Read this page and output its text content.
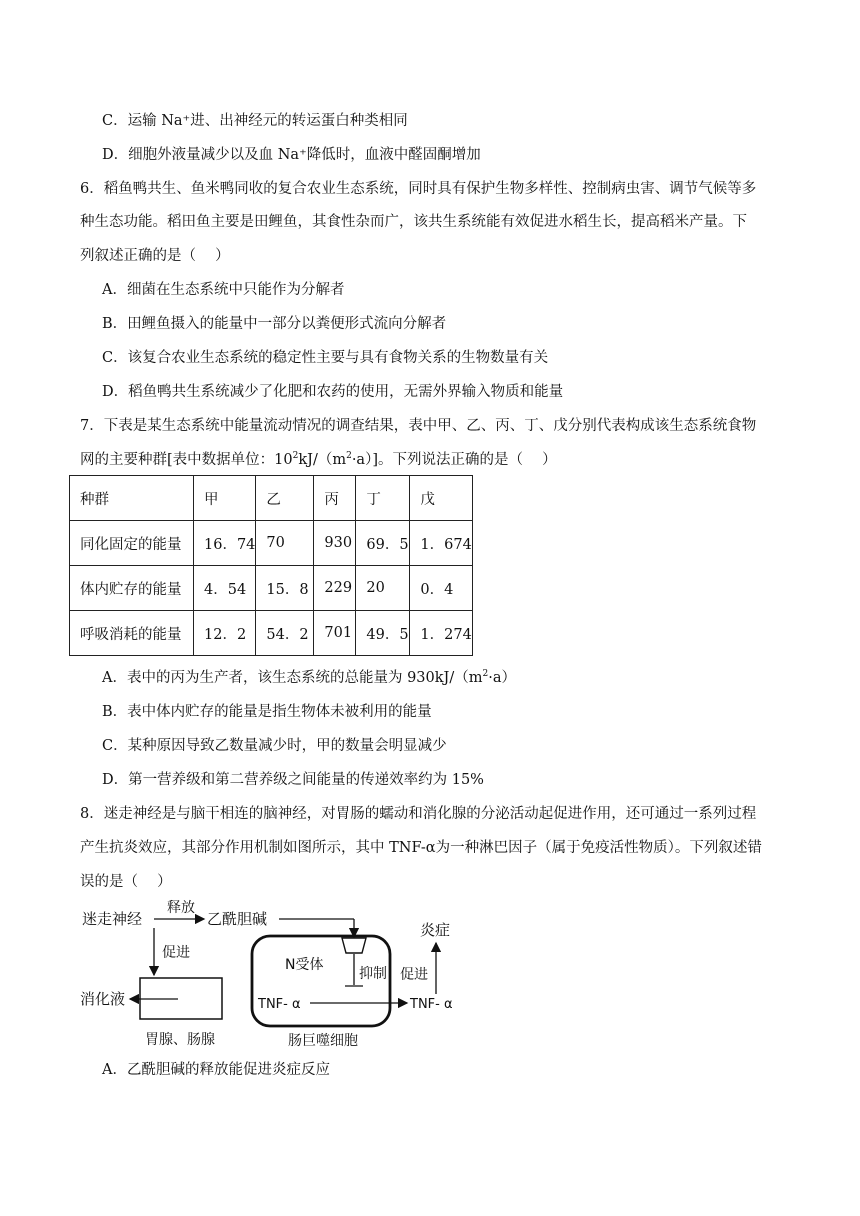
C．运输 Na⁺进、出神经元的转运蛋白种类相同
D．细胞外液量减少以及血 Na⁺降低时，血液中醛固酮增加
6．稻鱼鸭共生、鱼米鸭同收的复合农业生态系统，同时具有保护生物多样性、控制病虫害、调节气候等多
种生态功能。稻田鱼主要是田鲤鱼，其食性杂而广，该共生系统能有效促进水稻生长，提高稻米产量。下
列叙述正确的是（　 ）
A．细菌在生态系统中只能作为分解者
B．田鲤鱼摄入的能量中一部分以粪便形式流向分解者
C．该复合农业生态系统的稳定性主要与具有食物关系的生物数量有关
D．稻鱼鸭共生系统减少了化肥和农药的使用，无需外界输入物质和能量
7．下表是某生态系统中能量流动情况的调查结果，表中甲、乙、丙、丁、戊分别代表构成该生态系统食物
网的主要种群[表中数据单位：$10^2kJ/(m^2\cdot a)$]。下列说法正确的是（　 ）
种群	甲	乙	丙	丁	戊
同化固定的能量	16．74	70	930	69．5	1．674
体内贮存的能量	4．54	15．8	229	20	0．4
呼吸消耗的能量	12．2	54．2	701	49．5	1．274
A．表中的丙为生产者，该生态系统的总能量为 $930kJ/(m^2\cdot a)$
B．表中体内贮存的能量是指生物体未被利用的能量
C．某种原因导致乙数量减少时，甲的数量会明显减少
D．第一营养级和第二营养级之间能量的传递效率约为 15%
8．迷走神经是与脑干相连的脑神经，对胃肠的蠕动和消化腺的分泌活动起促进作用，还可通过一系列过程
产生抗炎效应，其部分作用机制如图所示，其中 TNF-α为一种淋巴因子（属于免疫活性物质）。下列叙述错
误的是（　 ）
迷走神经
释放
乙酰胆碱
促进
消化液
胃腺、肠腺
N受体
抑制
TNF- α	TNF- α
肠巨噬细胞
促进
炎症
A．乙酰胆碱的释放能促进炎症反应
